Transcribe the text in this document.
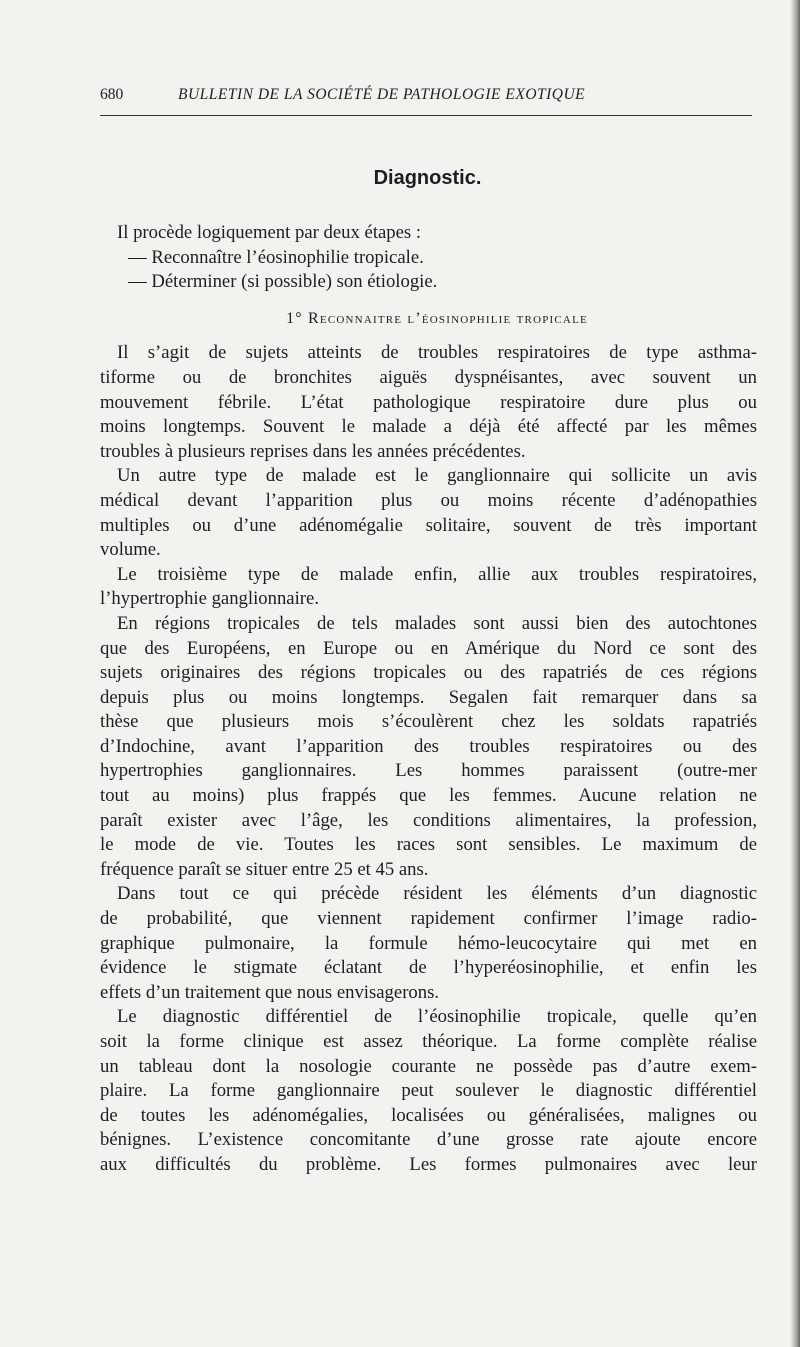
680	BULLETIN DE LA SOCIÉTÉ DE PATHOLOGIE EXOTIQUE
Diagnostic.
Il procède logiquement par deux étapes :
— Reconnaître l’éosinophilie tropicale.
— Déterminer (si possible) son étiologie.
1° Reconnaitre l’éosinophilie tropicale
Il s’agit de sujets atteints de troubles respiratoires de type asthma-
tiforme ou de bronchites aiguës dyspnéisantes, avec souvent un
mouvement fébrile. L’état pathologique respiratoire dure plus ou
moins longtemps. Souvent le malade a déjà été affecté par les mêmes
troubles à plusieurs reprises dans les années précédentes.
Un autre type de malade est le ganglionnaire qui sollicite un avis
médical devant l’apparition plus ou moins récente d’adénopathies
multiples ou d’une adénomégalie solitaire, souvent de très important
volume.
Le troisième type de malade enfin, allie aux troubles respiratoires,
l’hypertrophie ganglionnaire.
En régions tropicales de tels malades sont aussi bien des autochtones
que des Européens, en Europe ou en Amérique du Nord ce sont des
sujets originaires des régions tropicales ou des rapatriés de ces régions
depuis plus ou moins longtemps. Segalen fait remarquer dans sa
thèse que plusieurs mois s’écoulèrent chez les soldats rapatriés
d’Indochine, avant l’apparition des troubles respiratoires ou des
hypertrophies ganglionnaires. Les hommes paraissent (outre-mer
tout au moins) plus frappés que les femmes. Aucune relation ne
paraît exister avec l’âge, les conditions alimentaires, la profession,
le mode de vie. Toutes les races sont sensibles. Le maximum de
fréquence paraît se situer entre 25 et 45 ans.
Dans tout ce qui précède résident les éléments d’un diagnostic
de probabilité, que viennent rapidement confirmer l’image radio-
graphique pulmonaire, la formule hémo-leucocytaire qui met en
évidence le stigmate éclatant de l’hyperéosinophilie, et enfin les
effets d’un traitement que nous envisagerons.
Le diagnostic différentiel de l’éosinophilie tropicale, quelle qu’en
soit la forme clinique est assez théorique. La forme complète réalise
un tableau dont la nosologie courante ne possède pas d’autre exem-
plaire. La forme ganglionnaire peut soulever le diagnostic différentiel
de toutes les adénomégalies, localisées ou généralisées, malignes ou
bénignes. L’existence concomitante d’une grosse rate ajoute encore
aux difficultés du problème. Les formes pulmonaires avec leur
